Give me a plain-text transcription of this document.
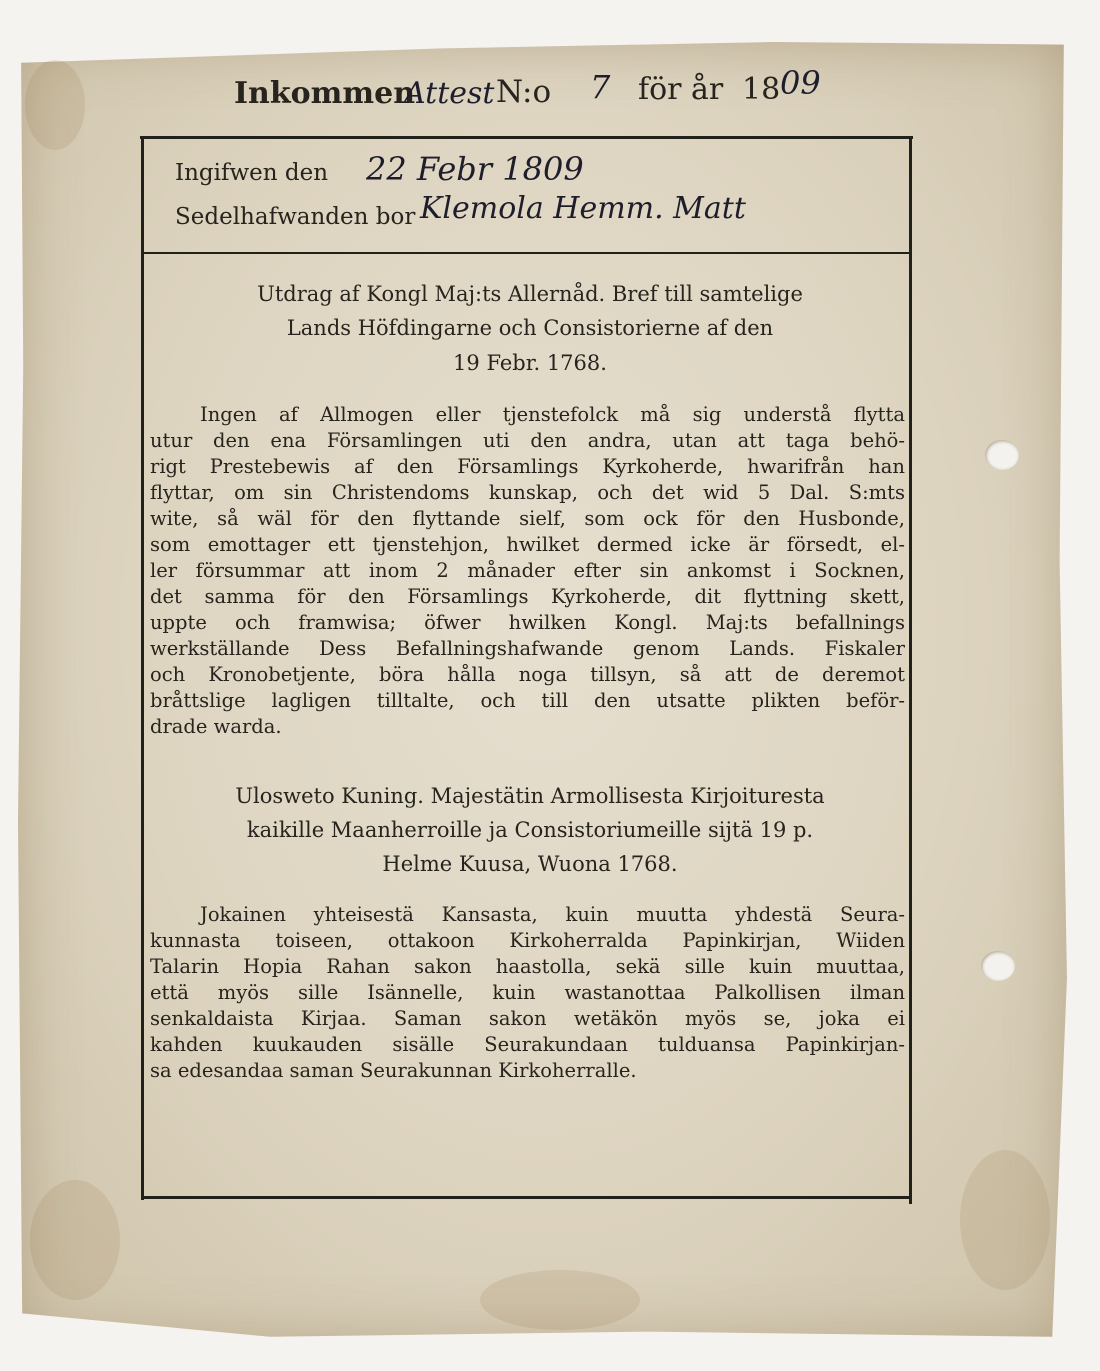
Inkommen
Attest N:o 7 för år 18 09
Ingifwen den 22 Febr 1809
Sedelhafwanden bor Klemola Hemm. Matt
Utdrag af Kongl Maj:ts Allernåd. Bref till samtelige
Lands Höfdingarne och Consistorierne af den
19 Febr. 1768.
Ingen af Allmogen eller tjenstefolck må sig understå flytta
utur den ena Församlingen uti den andra, utan att taga behö-
rigt Prestebewis af den Församlings Kyrkoherde, hwarifrån han
flyttar, om sin Christendoms kunskap, och det wid 5 Dal. S:mts
wite, så wäl för den flyttande sielf, som ock för den Husbonde,
som emottager ett tjenstehjon, hwilket dermed icke är försedt, el-
ler försummar att inom 2 månader efter sin ankomst i Socknen,
det samma för den Församlings Kyrkoherde, dit flyttning skett,
uppte och framwisa; öfwer hwilken Kongl. Maj:ts befallnings
werkställande Dess Befallningshafwande genom Lands. Fiskaler
och Kronobetjente, böra hålla noga tillsyn, så att de deremot
bråttslige lagligen tilltalte, och till den utsatte plikten beför-
drade warda.
Ulosweto Kuning. Majestätin Armollisesta Kirjoituresta
kaikille Maanherroille ja Consistoriumeille sijtä 19 p.
Helme Kuusa, Wuona 1768.
Jokainen yhteisestä Kansasta, kuin muutta yhdestä Seura-
kunnasta toiseen, ottakoon Kirkoherralda Papinkirjan, Wiiden
Talarin Hopia Rahan sakon haastolla, sekä sille kuin muuttaa,
että myös sille Isännelle, kuin wastanottaa Palkollisen ilman
senkaldaista Kirjaa. Saman sakon wetäkön myös se, joka ei
kahden kuukauden sisälle Seurakundaan tulduansa Papinkirjan-
sa edesandaa saman Seurakunnan Kirkoherralle.
